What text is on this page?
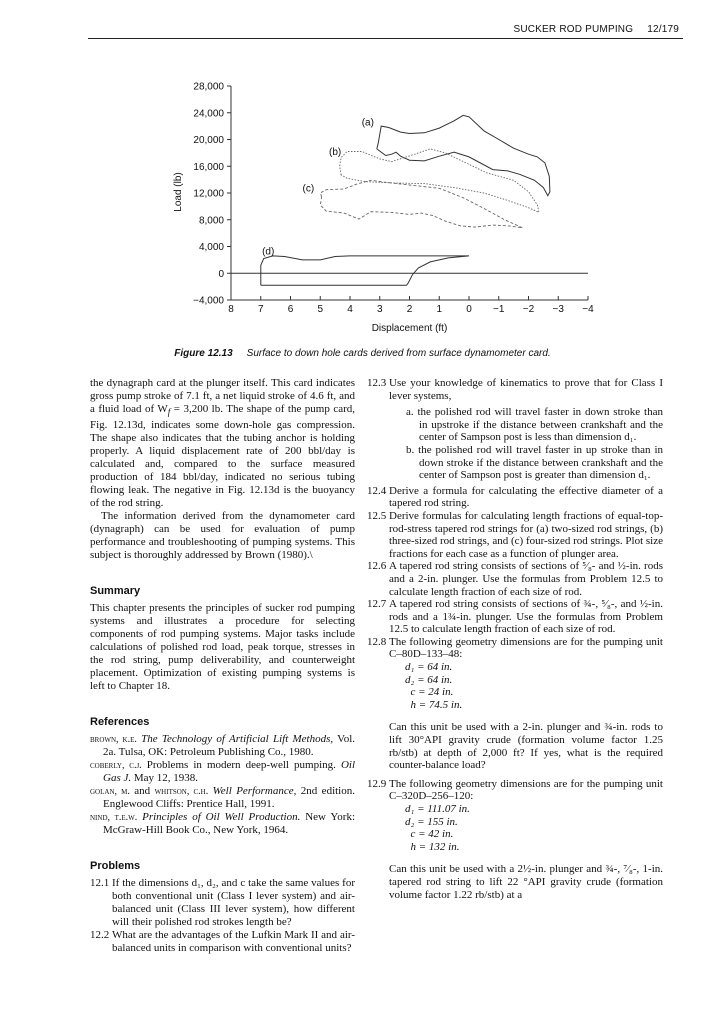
SUCKER ROD PUMPING 12/179
28,000
24,000
20,000
16,000
12,000
8,000
4,000
0
−4,000
8 7 6 5 4 3 2 1 0 −1 −2 −3 −4
Displacement (ft)
Load (lb)
(a)
(b)
(c)
(d)
Figure 12.13 Surface to down hole cards derived from surface dynamometer card.
the dynagraph card at the plunger itself. This card indicates gross pump stroke of 7.1 ft, a net liquid stroke of 4.6 ft, and a fluid load of $W_f = 3,200$ lb. The shape of the pump card, Fig. 12.13d, indicates some down-hole gas compression. The shape also indicates that the tubing anchor is holding properly. A liquid displacement rate of 200 bbl/day is calculated and, compared to the surface measured production of 184 bbl/day, indicated no serious tubing flowing leak. The negative in Fig. 12.13d is the buoyancy of the rod string.
The information derived from the dynamometer card (dynagraph) can be used for evaluation of pump performance and troubleshooting of pumping systems. This subject is thoroughly addressed by Brown (1980).\
Summary
This chapter presents the principles of sucker rod pumping systems and illustrates a procedure for selecting components of rod pumping systems. Major tasks include calculations of polished rod load, peak torque, stresses in the rod string, pump deliverability, and counterweight placement. Optimization of existing pumping systems is left to Chapter 18.
References
brown, k.e. The Technology of Artificial Lift Methods, Vol. 2a. Tulsa, OK: Petroleum Publishing Co., 1980.
coberly, c.j. Problems in modern deep-well pumping. Oil Gas J. May 12, 1938.
golan, m. and whitson, c.h. Well Performance, 2nd edition. Englewood Cliffs: Prentice Hall, 1991.
nind, t.e.w. Principles of Oil Well Production. New York: McGraw-Hill Book Co., New York, 1964.
Problems
12.1 If the dimensions d₁, d₂, and c take the same values for both conventional unit (Class I lever system) and air-balanced unit (Class III lever system), how different will their polished rod strokes length be?
12.2 What are the advantages of the Lufkin Mark II and air-balanced units in comparison with conventional units?
12.3 Use your knowledge of kinematics to prove that for Class I lever systems,
a. the polished rod will travel faster in down stroke than in upstroke if the distance between crankshaft and the center of Sampson post is less than dimension d₁.
b. the polished rod will travel faster in up stroke than in down stroke if the distance between crankshaft and the center of Sampson post is greater than dimension d₁.
12.4 Derive a formula for calculating the effective diameter of a tapered rod string.
12.5 Derive formulas for calculating length fractions of equal-top-rod-stress tapered rod strings for (a) two-sized rod strings, (b) three-sized rod strings, and (c) four-sized rod strings. Plot size fractions for each case as a function of plunger area.
12.6 A tapered rod string consists of sections of ⁵⁄₈- and ½-in. rods and a 2-in. plunger. Use the formulas from Problem 12.5 to calculate length fraction of each size of rod.
12.7 A tapered rod string consists of sections of ¾-, ⁵⁄₈-, and ½-in. rods and a 1¾-in. plunger. Use the formulas from Problem 12.5 to calculate length fraction of each size of rod.
12.8 The following geometry dimensions are for the pumping unit C–80D–133–48:
d₁ = 64 in.
d₂ = 64 in.
c = 24 in.
h = 74.5 in.
Can this unit be used with a 2-in. plunger and ¾-in. rods to lift 30°API gravity crude (formation volume factor 1.25 rb/stb) at depth of 2,000 ft? If yes, what is the required counter-balance load?
12.9 The following geometry dimensions are for the pumping unit C–320D–256–120:
d₁ = 111.07 in.
d₂ = 155 in.
c = 42 in.
h = 132 in.
Can this unit be used with a 2½-in. plunger and ¾-, ⁷⁄₈-, 1-in. tapered rod string to lift 22 °API gravity crude (formation volume factor 1.22 rb/stb) at a
